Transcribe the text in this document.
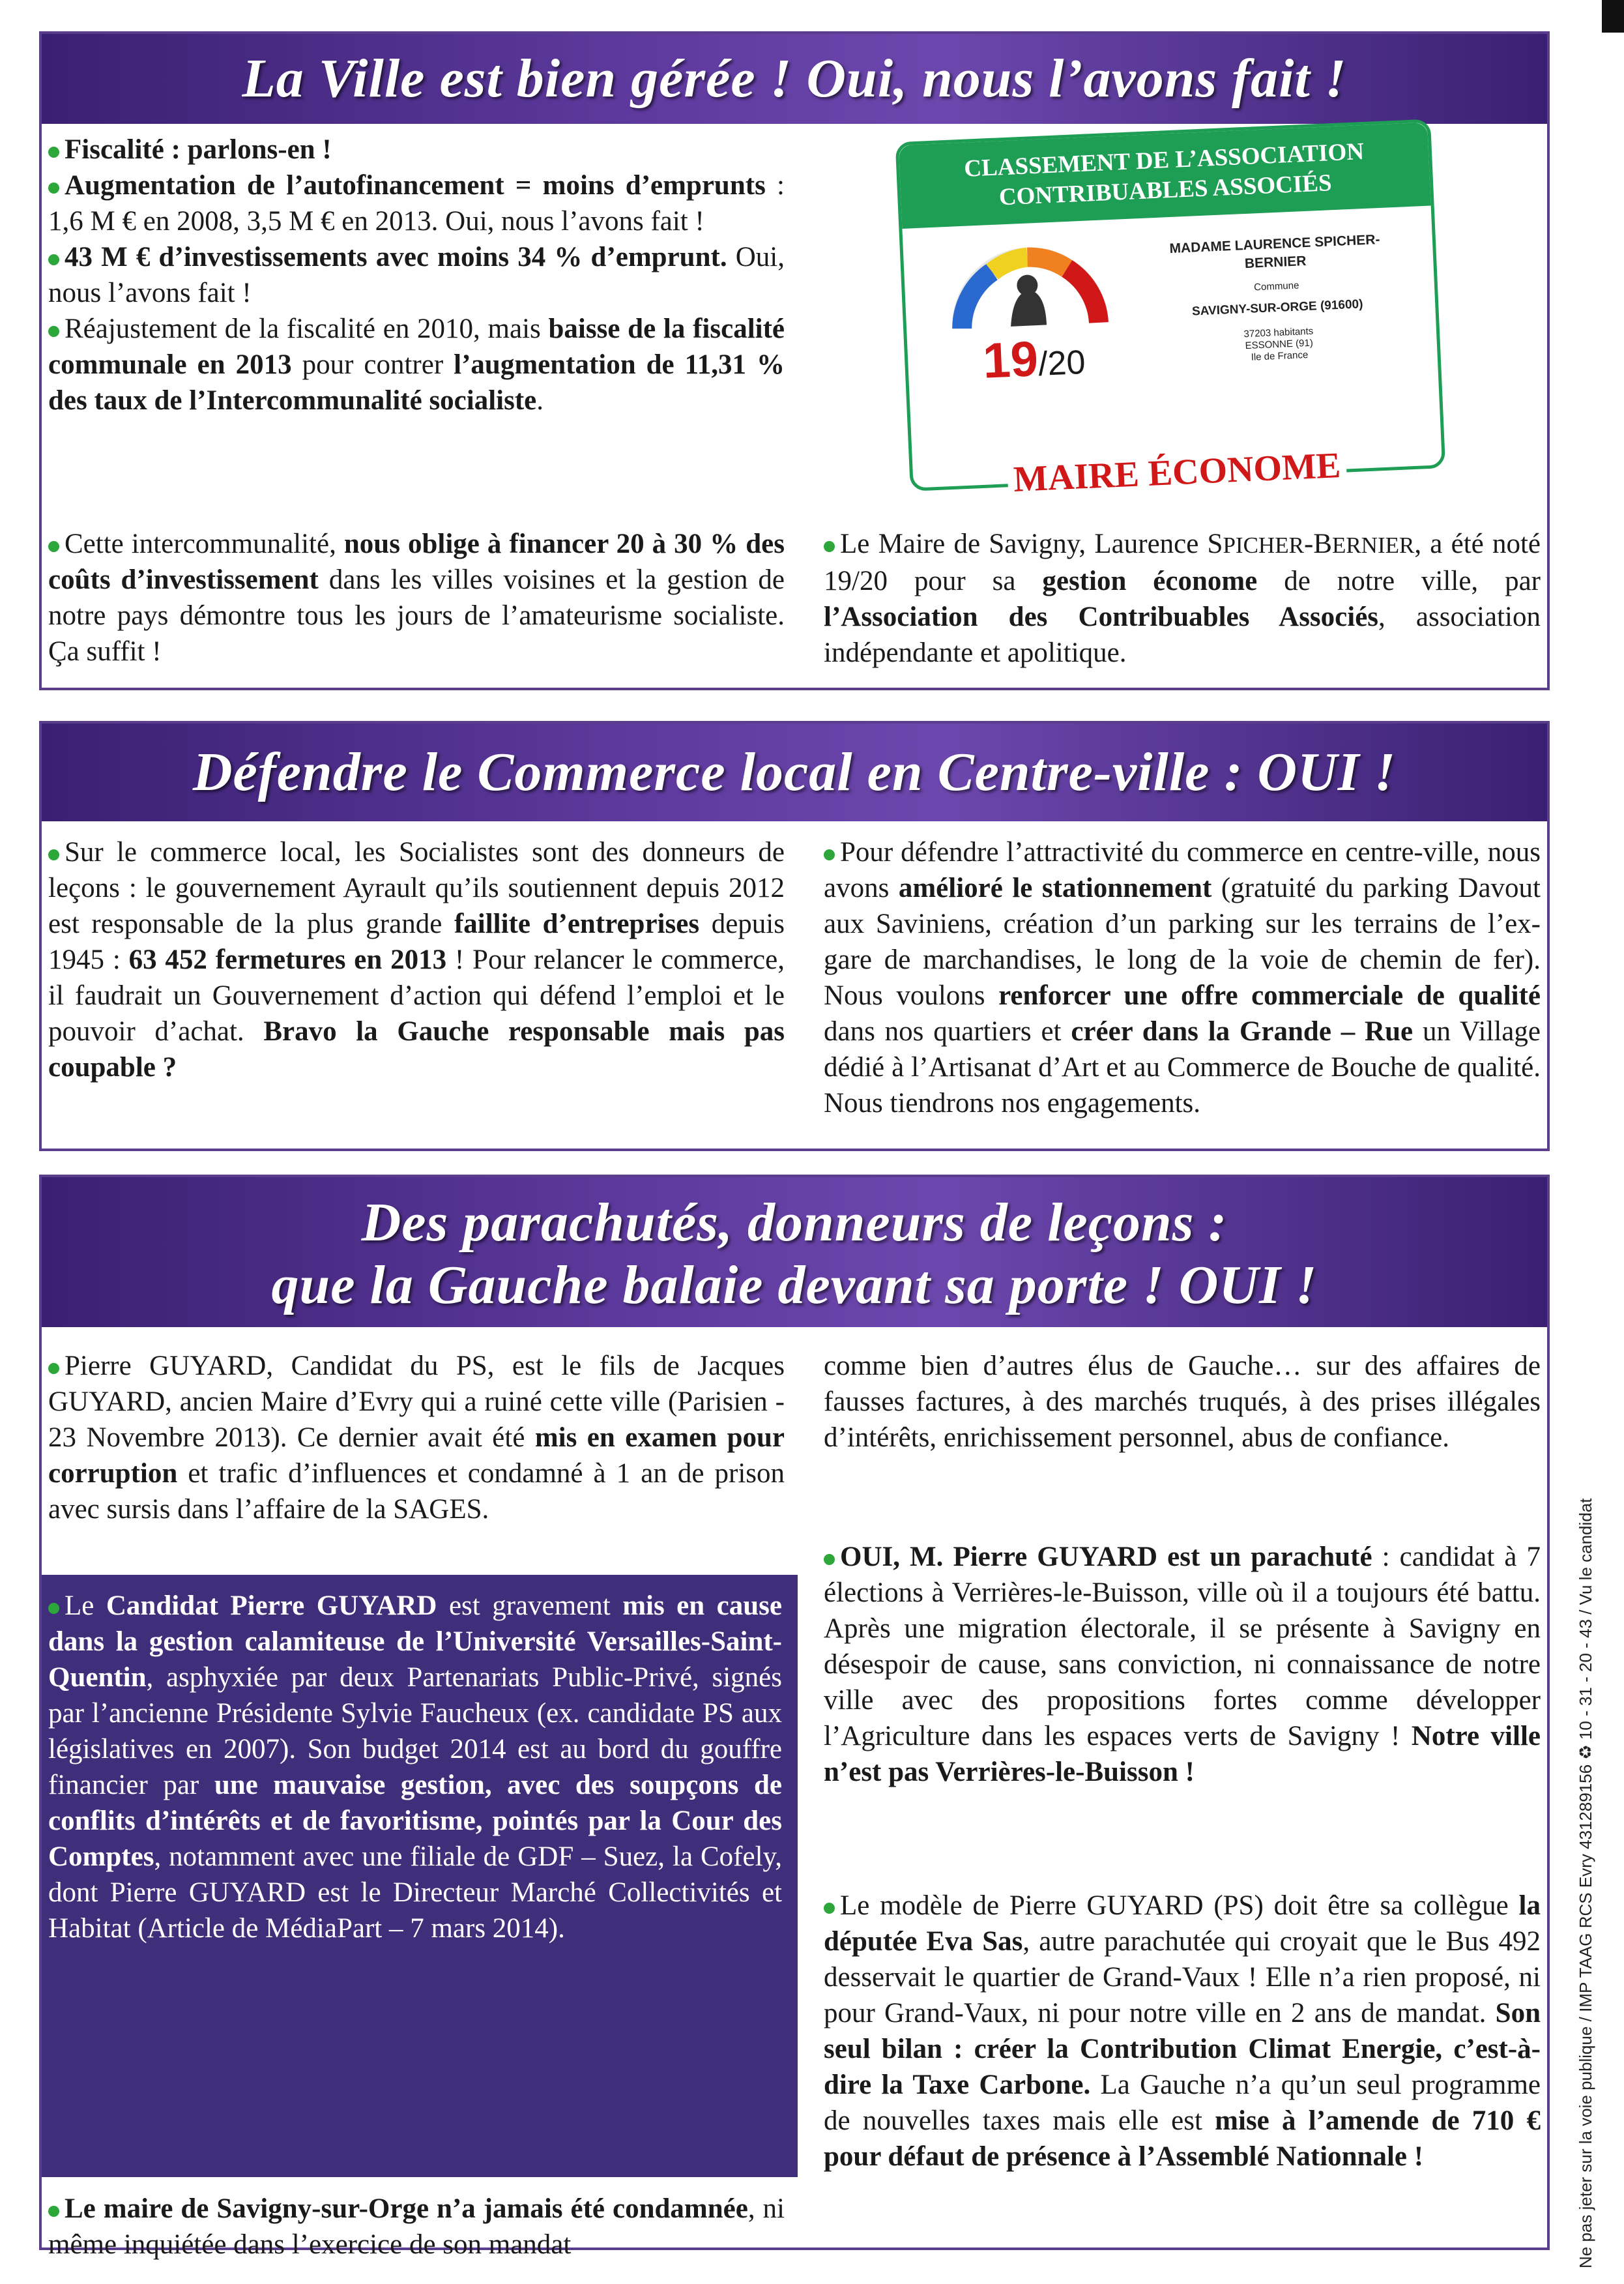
La Ville est bien gérée ! Oui, nous l’avons fait !
Fiscalité : parlons-en !
Augmentation de l’autofinancement = moins d’emprunts : 1,6 M € en 2008, 3,5 M € en 2013. Oui, nous l’avons fait !
43 M € d’investissements avec moins 34 % d’emprunt. Oui, nous l’avons fait !
Réajustement de la fiscalité en 2010, mais baisse de la fiscalité communale en 2013 pour contrer l’augmentation de 11,31 % des taux de l’Intercommunalité socialiste.
Cette intercommunalité, nous oblige à financer 20 à 30 % des coûts d’investissement dans les villes voisines et la gestion de notre pays démontre tous les jours de l’amateurisme socialiste. Ça suffit !
CLASSEMENT DE L’ASSOCIATION CONTRIBUABLES ASSOCIÉS
19/20
MADAME LAURENCE SPICHER-BERNIER
Commune
SAVIGNY-SUR-ORGE (91600)
37203 habitants
ESSONNE (91)
Ile de France
MAIRE ÉCONOME
Le Maire de Savigny, Laurence SPICHER-BERNIER, a été noté 19/20 pour sa gestion économe de notre ville, par l’Association des Contribuables Associés, association indépendante et apolitique.
Défendre le Commerce local en Centre-ville : OUI !
Sur le commerce local, les Socialistes sont des donneurs de leçons : le gouvernement Ayrault qu’ils soutiennent depuis 2012 est responsable de la plus grande faillite d’entreprises depuis 1945 : 63 452 fermetures en 2013 ! Pour relancer le commerce, il faudrait un Gouvernement d’action qui défend l’emploi et le pouvoir d’achat. Bravo la Gauche responsable mais pas coupable ?
Pour défendre l’attractivité du commerce en centre-ville, nous avons amélioré le stationnement (gratuité du parking Davout aux Saviniens, création d’un parking sur les terrains de l’ex-gare de marchandises, le long de la voie de chemin de fer). Nous voulons renforcer une offre commerciale de qualité dans nos quartiers et créer dans la Grande – Rue un Village dédié à l’Artisanat d’Art et au Commerce de Bouche de qualité. Nous tiendrons nos engagements.
Des parachutés, donneurs de leçons :
que la Gauche balaie devant sa porte ! OUI !
Pierre GUYARD, Candidat du PS, est le fils de Jacques GUYARD, ancien Maire d’Evry qui a ruiné cette ville (Parisien - 23 Novembre 2013). Ce dernier avait été mis en examen pour corruption et trafic d’influences et condamné à 1 an de prison avec sursis dans l’affaire de la SAGES.
Le Candidat Pierre GUYARD est gravement mis en cause dans la gestion calamiteuse de l’Université Versailles-Saint-Quentin, asphyxiée par deux Partenariats Public-Privé, signés par l’ancienne Présidente Sylvie Faucheux (ex. candidate PS aux législatives en 2007). Son budget 2014 est au bord du gouffre financier par une mauvaise gestion, avec des soupçons de conflits d’intérêts et de favoritisme, pointés par la Cour des Comptes, notamment avec une filiale de GDF – Suez, la Cofely, dont Pierre GUYARD est le Directeur Marché Collectivités et Habitat (Article de MédiaPart – 7 mars 2014).
Le maire de Savigny-sur-Orge n’a jamais été condamnée, ni même inquiétée dans l’exercice de son mandat
comme bien d’autres élus de Gauche… sur des affaires de fausses factures, à des marchés truqués, à des prises illégales d’intérêts, enrichissement personnel, abus de confiance.
OUI, M. Pierre GUYARD est un parachuté : candidat à 7 élections à Verrières-le-Buisson, ville où il a toujours été battu. Après une migration électorale, il se présente à Savigny en désespoir de cause, sans conviction, ni connaissance de notre ville avec des propositions fortes comme développer l’Agriculture dans les espaces verts de Savigny ! Notre ville n’est pas Verrières-le-Buisson !
Le modèle de Pierre GUYARD (PS) doit être sa collègue la députée Eva Sas, autre parachutée qui croyait que le Bus 492 desservait le quartier de Grand-Vaux ! Elle n’a rien proposé, ni pour Grand-Vaux, ni pour notre ville en 2 ans de mandat. Son seul bilan : créer la Contribution Climat Energie, c’est-à-dire la Taxe Carbone. La Gauche n’a qu’un seul programme de nouvelles taxes mais elle est mise à l’amende de 710 € pour défaut de présence à l’Assemblé Nationnale !	Ne pas jeter sur la voie publique / IMP TAAG RCS Evry 431289156 ♻ 10 - 31 - 20 - 43 / Vu le candidat
